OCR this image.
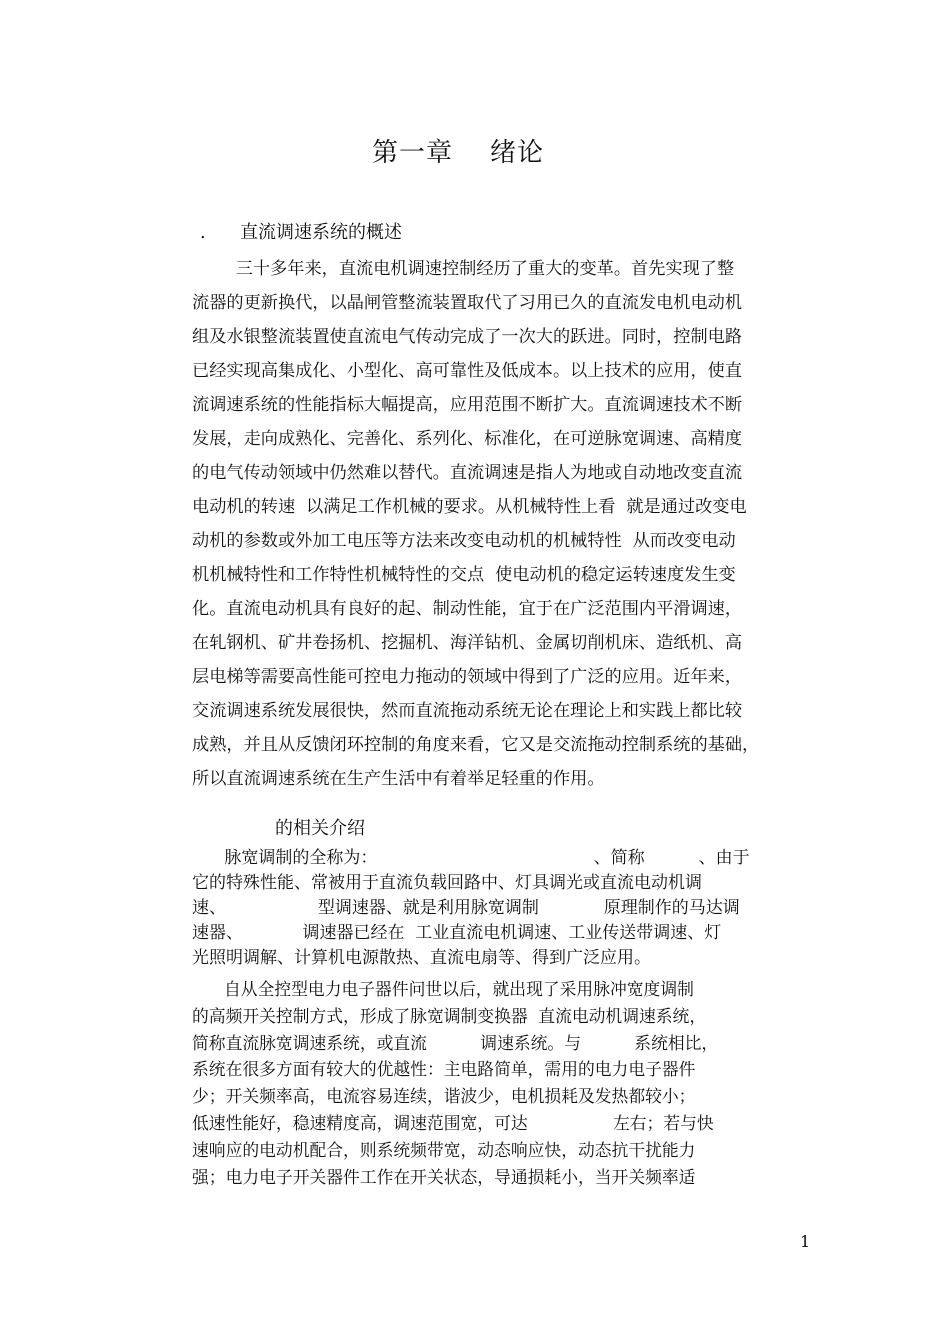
第一章    绪论
.      直流调速系统的概述
三十多年来，直流电机调速控制经历了重大的变革。首先实现了整
流器的更新换代，以晶闸管整流装置取代了习用已久的直流发电机电动机
组及水银整流装置使直流电气传动完成了一次大的跃进。同时，控制电路
已经实现高集成化、小型化、高可靠性及低成本。以上技术的应用，使直
流调速系统的性能指标大幅提高，应用范围不断扩大。直流调速技术不断
发展，走向成熟化、完善化、系列化、标准化，在可逆脉宽调速、高精度
的电气传动领域中仍然难以替代。直流调速是指人为地或自动地改变直流
电动机的转速  以满足工作机械的要求。从机械特性上看  就是通过改变电
动机的参数或外加工电压等方法来改变电动机的机械特性  从而改变电动
机机械特性和工作特性机械特性的交点  使电动机的稳定运转速度发生变
化。直流电动机具有良好的起、制动性能，宜于在广泛范围内平滑调速，
在轧钢机、矿井卷扬机、挖掘机、海洋钻机、金属切削机床、造纸机、高
层电梯等需要高性能可控电力拖动的领域中得到了广泛的应用。近年来，
交流调速系统发展很快，然而直流拖动系统无论在理论上和实践上都比较
成熟，并且从反馈闭环控制的角度来看，它又是交流拖动控制系统的基础，
所以直流调速系统在生产生活中有着举足轻重的作用。
的相关介绍
脉宽调制的全称为：                                        、简称          、由于
它的特殊性能、常被用于直流负载回路中、灯具调光或直流电动机调
速、                 型调速器、就是利用脉宽调制            原理制作的马达调
速器、           调速器已经在  工业直流电机调速、工业传送带调速、灯
光照明调解、计算机电源散热、直流电扇等、得到广泛应用。
自从全控型电力电子器件问世以后，就出现了采用脉冲宽度调制
的高频开关控制方式，形成了脉宽调制变换器  直流电动机调速系统，
简称直流脉宽调速系统，或直流          调速系统。与          系统相比，
系统在很多方面有较大的优越性：主电路简单，需用的电力电子器件
少；开关频率高，电流容易连续，谐波少，电机损耗及发热都较小；
低速性能好，稳速精度高，调速范围宽，可达                左右；若与快
速响应的电动机配合，则系统频带宽，动态响应快，动态抗干扰能力
强；电力电子开关器件工作在开关状态，导通损耗小，当开关频率适
1
